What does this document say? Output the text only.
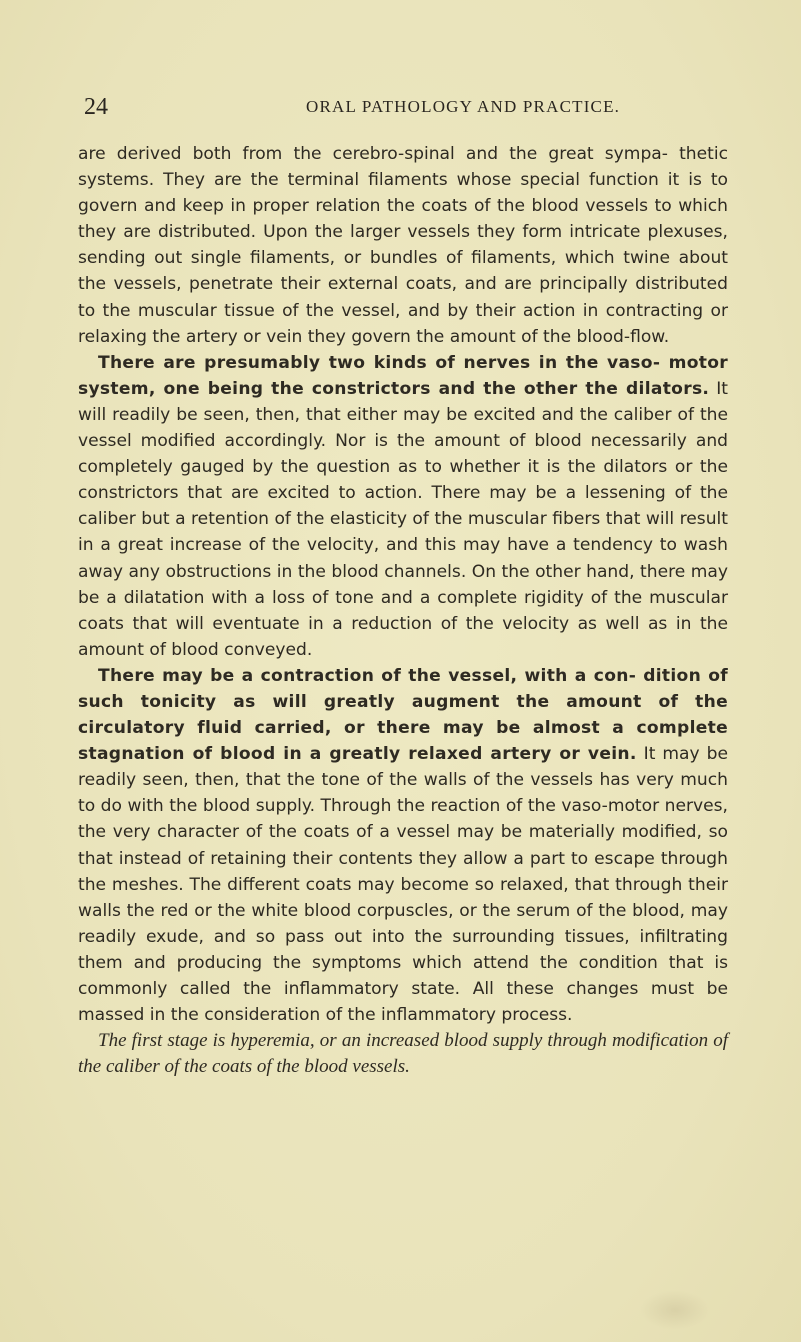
24	ORAL PATHOLOGY AND PRACTICE.

are derived both from the cerebro-spinal and the great sympa- thetic systems. They are the terminal filaments whose special function it is to govern and keep in proper relation the coats of the blood vessels to which they are distributed. Upon the larger vessels they form intricate plexuses, sending out single filaments, or bundles of filaments, which twine about the vessels, penetrate their external coats, and are principally distributed to the muscular tissue of the vessel, and by their action in contracting or relaxing the artery or vein they govern the amount of the blood-flow.

There are presumably two kinds of nerves in the vaso- motor system, one being the constrictors and the other the dilators. It will readily be seen, then, that either may be excited and the caliber of the vessel modified accordingly. Nor is the amount of blood necessarily and completely gauged by the question as to whether it is the dilators or the constrictors that are excited to action. There may be a lessening of the caliber but a retention of the elasticity of the muscular fibers that will result in a great increase of the velocity, and this may have a tendency to wash away any obstructions in the blood channels. On the other hand, there may be a dilatation with a loss of tone and a complete rigidity of the muscular coats that will eventuate in a reduction of the velocity as well as in the amount of blood conveyed.

There may be a contraction of the vessel, with a con- dition of such tonicity as will greatly augment the amount of the circulatory fluid carried, or there may be almost a complete stagnation of blood in a greatly relaxed artery or vein. It may be readily seen, then, that the tone of the walls of the vessels has very much to do with the blood supply. Through the reaction of the vaso-motor nerves, the very character of the coats of a vessel may be materially modified, so that instead of retaining their contents they allow a part to escape through the meshes. The different coats may become so relaxed, that through their walls the red or the white blood corpuscles, or the serum of the blood, may readily exude, and so pass out into the surrounding tissues, infiltrating them and producing the symptoms which attend the condition that is commonly called the inflammatory state. All these changes must be massed in the consideration of the inflammatory process.

The first stage is hyperemia, or an increased blood supply through modification of the caliber of the coats of the blood vessels.
